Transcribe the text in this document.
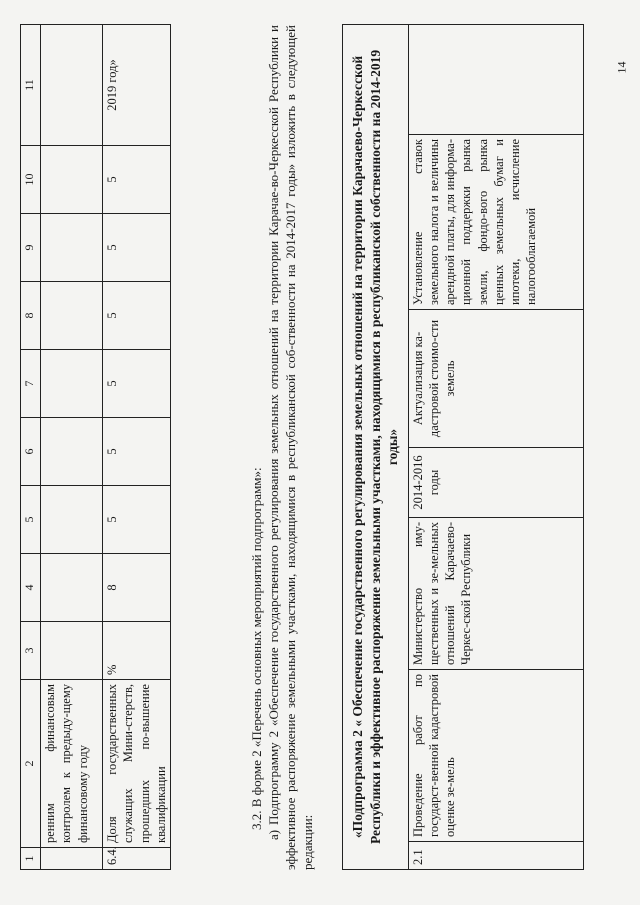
14
1	2	3	4	5	6	7	8	9	10	11
	ренним финансовым контролем к предыду-щему финансовому году									
6.4.	Доля государственных служащих Мини-стерств, прошедших по-вышение квалификации	%	8	5	5	5	5	5	5	2019 год»

3.2. В форме 2 «Перечень основных мероприятий подпрограмм»: а) Подпрограмму 2 «Обеспечение государственного регулирования земельных отношений на территории Карачае-во-Черкесской Республики и эффективное распоряжение земельными участками, находящимися в республиканской соб-ственности на 2014-2017 годы» изложить в следующей редакции:

«Подпрограмма 2 « Обеспечение государственного регулирования земельных отношений на территории Карачаево-Черкесской Республики и эффективное распоряжение земельными участками, находящимися в республиканской собственности на 2014-2019 годы»
2.1	Проведение работ по государст-венной кадастровой оценке зе-мель	Министерство иму-щественных и зе-мельных отношений Карачаево-Черкес-ской Республики	2014-2016 годы	Актуализация ка-дастровой стоимо-сти земель	Установление ставок земельного налога и величины арендной платы, для информа-ционной поддержки рынка земли, фондо-вого рынка ценных земельных бумаг и ипотеки, исчисление налогооблагаемой	
